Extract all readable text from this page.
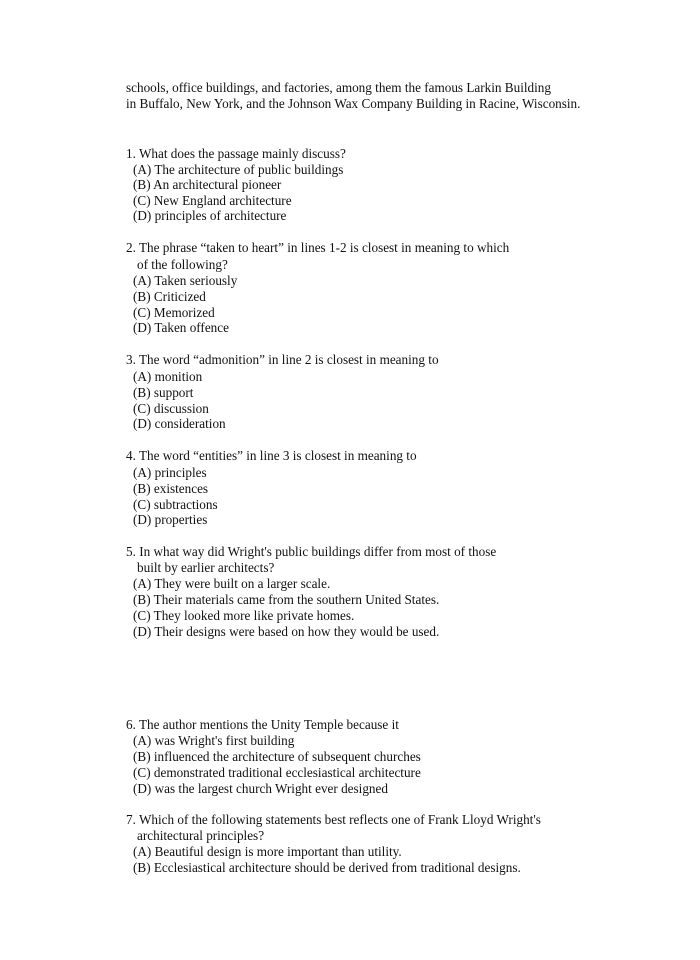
schools, office buildings, and factories, among them the famous Larkin Building
in Buffalo, New York, and the Johnson Wax Company Building in Racine, Wisconsin.
1. What does the passage mainly discuss?
(A) The architecture of public buildings
(B) An architectural pioneer
(C) New England architecture
(D) principles of architecture
2. The phrase “taken to heart” in lines 1-2 is closest in meaning to which
of the following?
(A) Taken seriously
(B) Criticized
(C) Memorized
(D) Taken offence
3. The word “admonition” in line 2 is closest in meaning to
(A) monition
(B) support
(C) discussion
(D) consideration
4. The word “entities” in line 3 is closest in meaning to
(A) principles
(B) existences
(C) subtractions
(D) properties
5. In what way did Wright's public buildings differ from most of those
built by earlier architects?
(A) They were built on a larger scale.
(B) Their materials came from the southern United States.
(C) They looked more like private homes.
(D) Their designs were based on how they would be used.
6. The author mentions the Unity Temple because it
(A) was Wright's first building
(B) influenced the architecture of subsequent churches
(C) demonstrated traditional ecclesiastical architecture
(D) was the largest church Wright ever designed
7. Which of the following statements best reflects one of Frank Lloyd Wright's
architectural principles?
(A) Beautiful design is more important than utility.
(B) Ecclesiastical architecture should be derived from traditional designs.
